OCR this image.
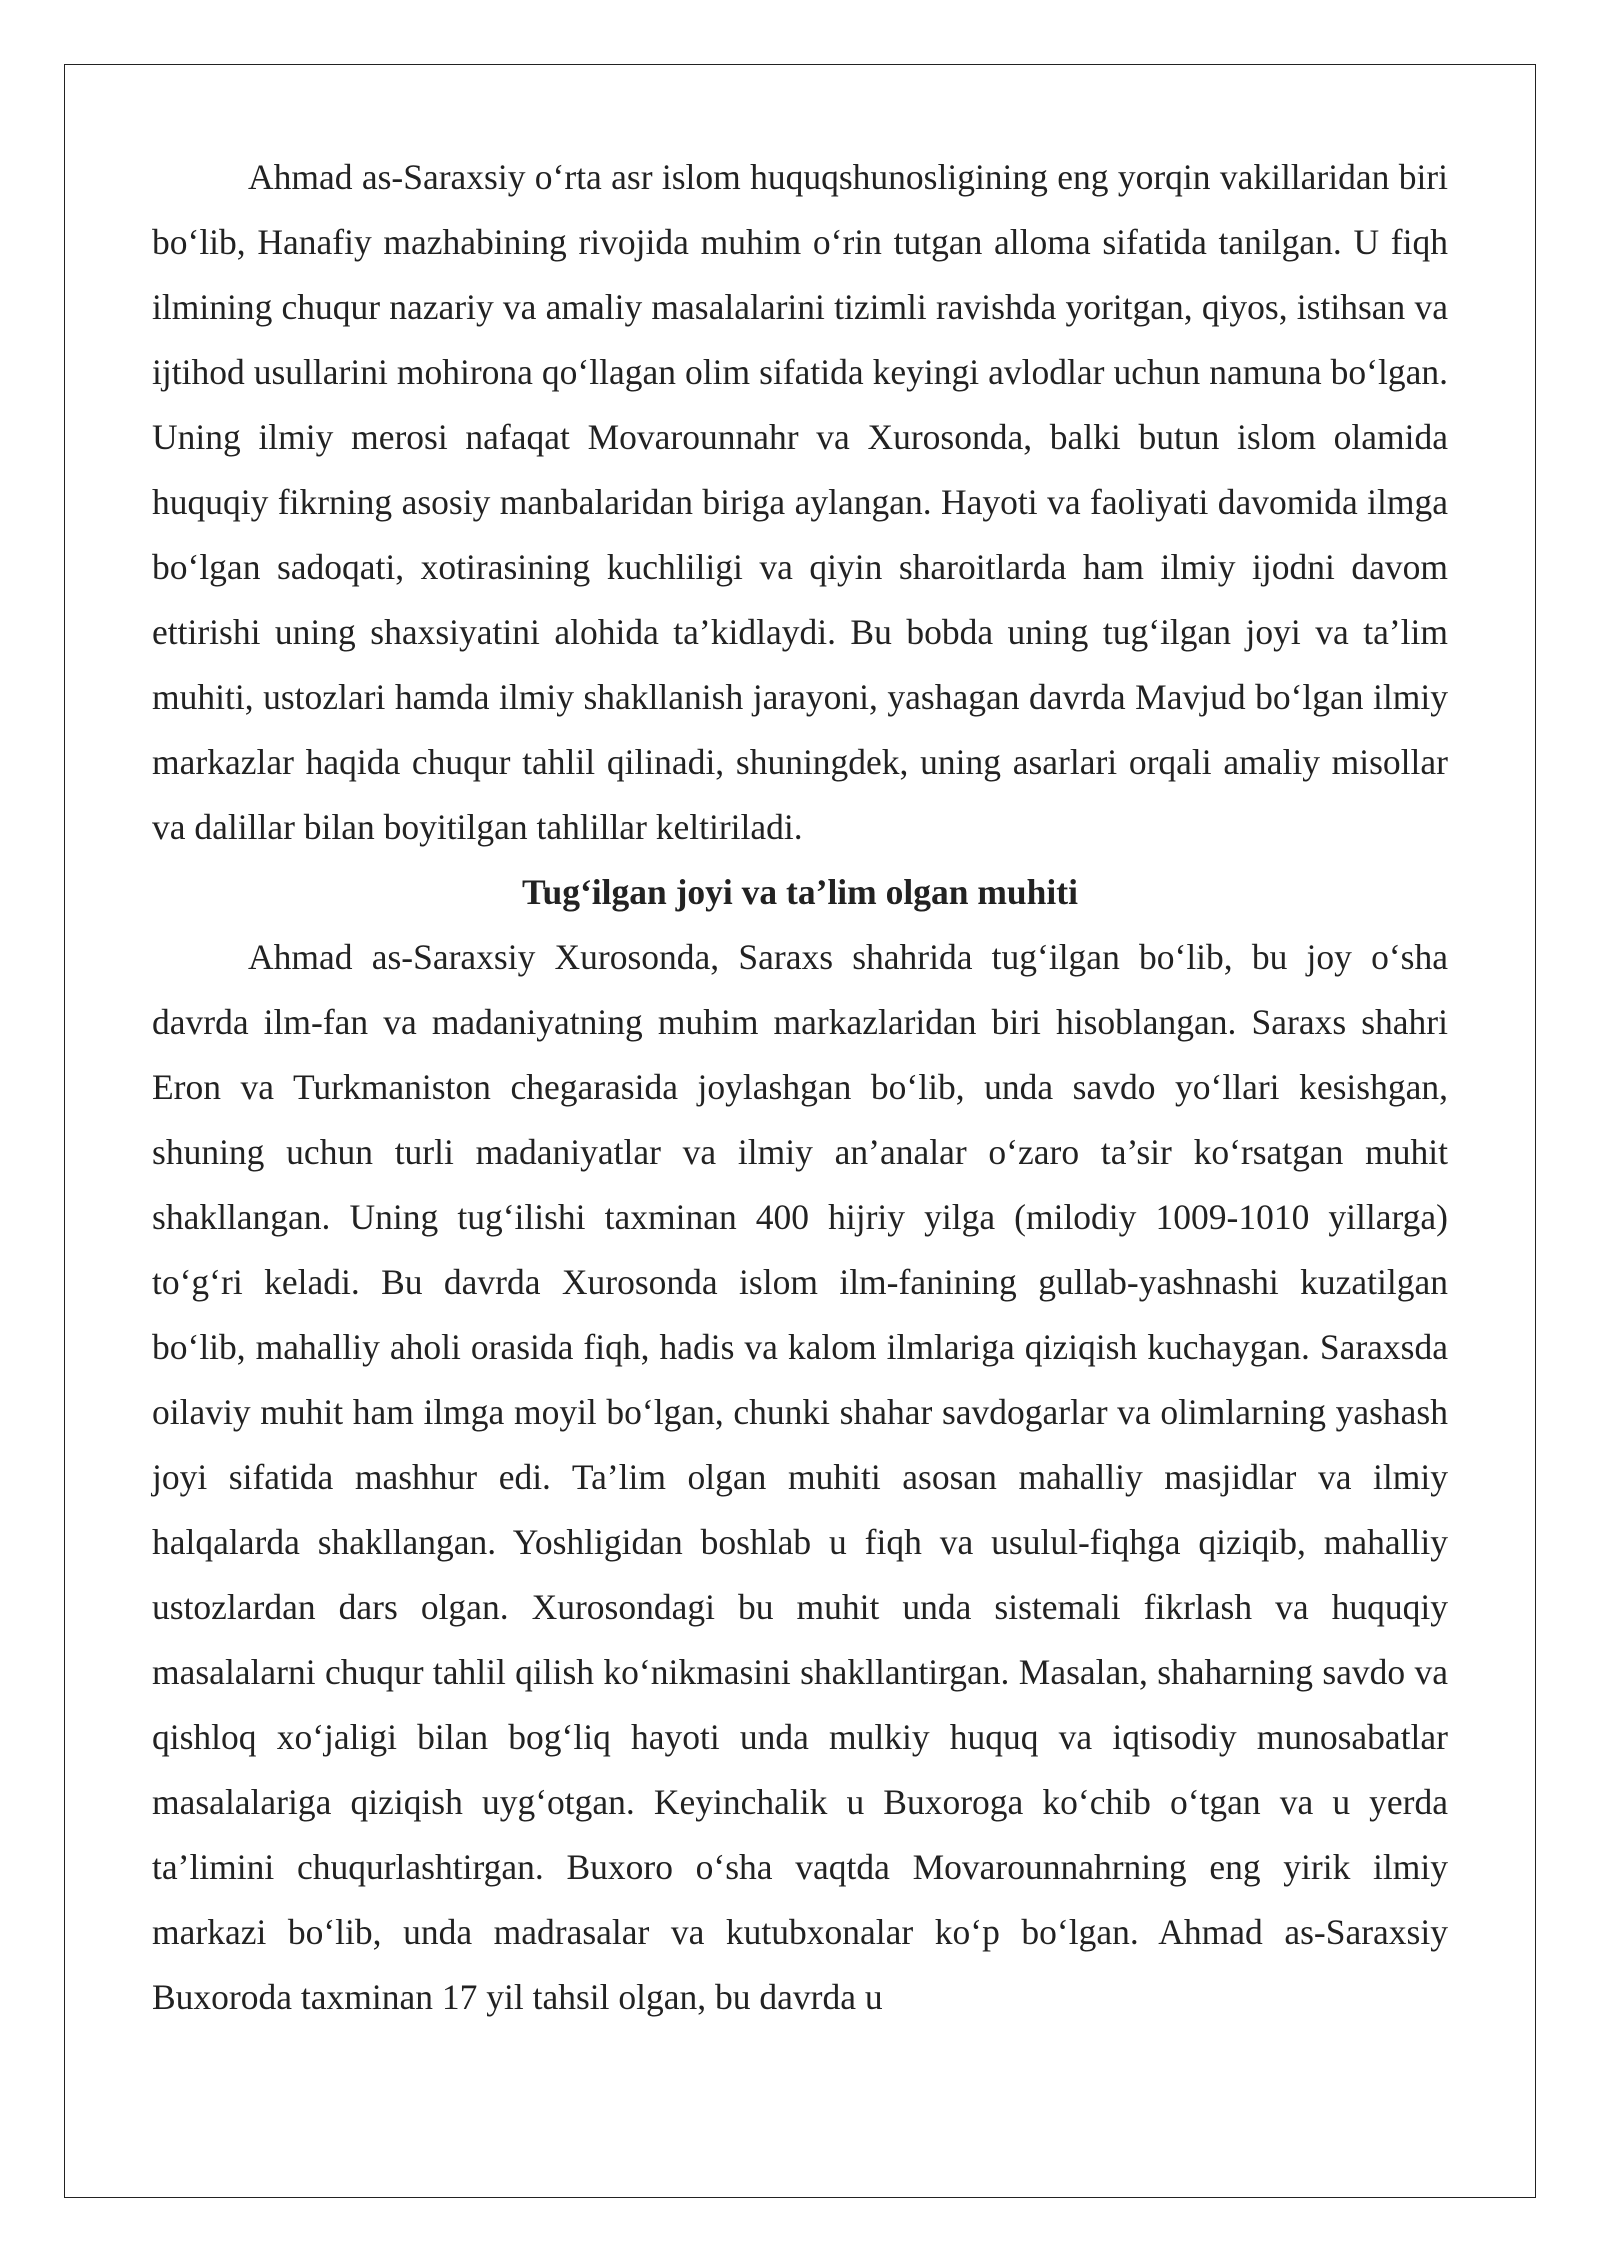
Ahmad as-Saraxsiy o‘rta asr islom huquqshunosligining eng yorqin vakillaridan biri bo‘lib, Hanafiy mazhabining rivojida muhim o‘rin tutgan alloma sifatida tanilgan. U fiqh ilmining chuqur nazariy va amaliy masalalarini tizimli ravishda yoritgan, qiyos, istihsan va ijtihod usullarini mohirona qo‘llagan olim sifatida keyingi avlodlar uchun namuna bo‘lgan. Uning ilmiy merosi nafaqat Movarounnahr va Xurosonda, balki butun islom olamida huquqiy fikrning asosiy manbalaridan biriga aylangan. Hayoti va faoliyati davomida ilmga bo‘lgan sadoqati, xotirasining kuchliligi va qiyin sharoitlarda ham ilmiy ijodni davom ettirishi uning shaxsiyatini alohida ta’kidlaydi. Bu bobda uning tug‘ilgan joyi va ta’lim muhiti, ustozlari hamda ilmiy shakllanish jarayoni, yashagan davrda Mavjud bo‘lgan ilmiy markazlar haqida chuqur tahlil qilinadi, shuningdek, uning asarlari orqali amaliy misollar va dalillar bilan boyitilgan tahlillar keltiriladi.

Tug‘ilgan joyi va ta’lim olgan muhiti

Ahmad as-Saraxsiy Xurosonda, Saraxs shahrida tug‘ilgan bo‘lib, bu joy o‘sha davrda ilm-fan va madaniyatning muhim markazlaridan biri hisoblangan. Saraxs shahri Eron va Turkmaniston chegarasida joylashgan bo‘lib, unda savdo yo‘llari kesishgan, shuning uchun turli madaniyatlar va ilmiy an’analar o‘zaro ta’sir ko‘rsatgan muhit shakllangan. Uning tug‘ilishi taxminan 400 hijriy yilga (milodiy 1009-1010 yillarga) to‘g‘ri keladi. Bu davrda Xurosonda islom ilm-fanining gullab-yashnashi kuzatilgan bo‘lib, mahalliy aholi orasida fiqh, hadis va kalom ilmlariga qiziqish kuchaygan. Saraxsda oilaviy muhit ham ilmga moyil bo‘lgan, chunki shahar savdogarlar va olimlarning yashash joyi sifatida mashhur edi. Ta’lim olgan muhiti asosan mahalliy masjidlar va ilmiy halqalarda shakllangan. Yoshligidan boshlab u fiqh va usulul-fiqhga qiziqib, mahalliy ustozlardan dars olgan. Xurosondagi bu muhit unda sistemali fikrlash va huquqiy masalalarni chuqur tahlil qilish ko‘nikmasini shakllantirgan. Masalan, shaharning savdo va qishloq xo‘jaligi bilan bog‘liq hayoti unda mulkiy huquq va iqtisodiy munosabatlar masalalariga qiziqish uyg‘otgan. Keyinchalik u Buxoroga ko‘chib o‘tgan va u yerda ta’limini chuqurlashtirgan. Buxoro o‘sha vaqtda Movarounnahrning eng yirik ilmiy markazi bo‘lib, unda madrasalar va kutubxonalar ko‘p bo‘lgan. Ahmad as-Saraxsiy Buxoroda taxminan 17 yil tahsil olgan, bu davrda u
